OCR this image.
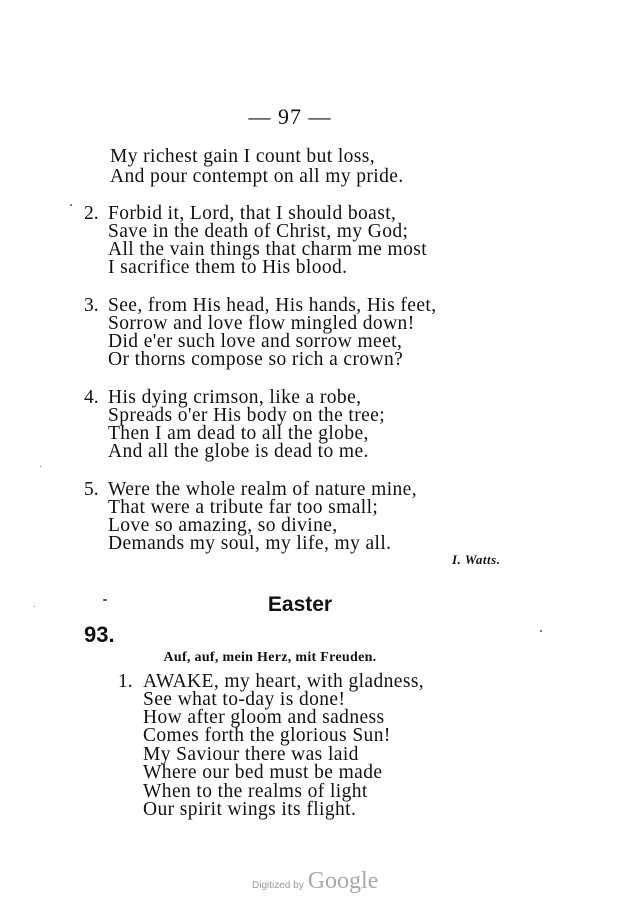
— 97 —
My richest gain I count but loss,
And pour contempt on all my pride.
2. Forbid it, Lord, that I should boast,
Save in the death of Christ, my God;
All the vain things that charm me most
I sacrifice them to His blood.
3. See, from His head, His hands, His feet,
Sorrow and love flow mingled down!
Did e'er such love and sorrow meet,
Or thorns compose so rich a crown?
4. His dying crimson, like a robe,
Spreads o'er His body on the tree;
Then I am dead to all the globe,
And all the globe is dead to me.
5. Were the whole realm of nature mine,
That were a tribute far too small;
Love so amazing, so divine,
Demands my soul, my life, my all.
I. Watts.
Easter
93.
Auf, auf, mein Herz, mit Freuden.
1. AWAKE, my heart, with gladness,
See what to-day is done!
How after gloom and sadness
Comes forth the glorious Sun!
My Saviour there was laid
Where our bed must be made
When to the realms of light
Our spirit wings its flight.
Digitized by Google
